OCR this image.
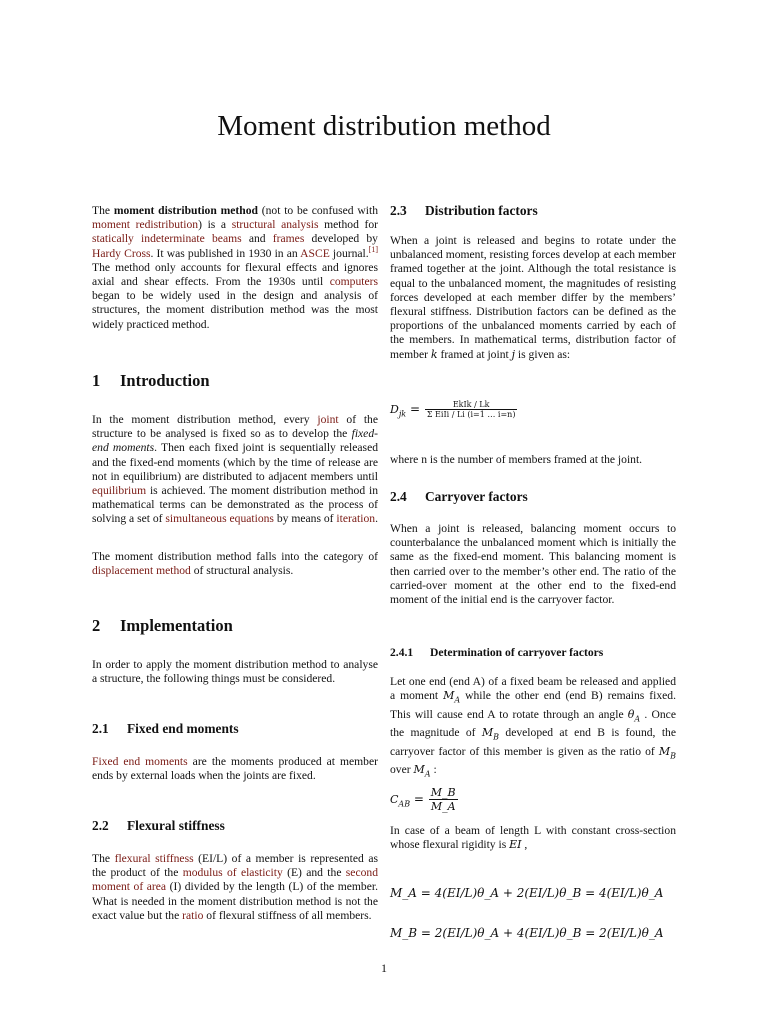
Moment distribution method

The moment distribution method (not to be confused with moment redistribution) is a structural analysis method for statically indeterminate beams and frames developed by Hardy Cross. It was published in 1930 in an ASCE journal.[1] The method only accounts for flexural effects and ignores axial and shear effects. From the 1930s until computers began to be widely used in the design and analysis of structures, the moment distribution method was the most widely practiced method.

1 Introduction

In the moment distribution method, every joint of the structure to be analysed is fixed so as to develop the fixed-end moments. Then each fixed joint is sequentially released and the fixed-end moments (which by the time of release are not in equilibrium) are distributed to adjacent members until equilibrium is achieved. The moment distribution method in mathematical terms can be demonstrated as the process of solving a set of simultaneous equations by means of iteration.

The moment distribution method falls into the category of displacement method of structural analysis.

2 Implementation

In order to apply the moment distribution method to analyse a structure, the following things must be considered.

2.1 Fixed end moments

Fixed end moments are the moments produced at member ends by external loads when the joints are fixed.

2.2 Flexural stiffness

The flexural stiffness (EI/L) of a member is represented as the product of the modulus of elasticity (E) and the second moment of area (I) divided by the length (L) of the member. What is needed in the moment distribution method is not the exact value but the ratio of flexural stiffness of all members.

2.3 Distribution factors

When a joint is released and begins to rotate under the unbalanced moment, resisting forces develop at each member framed together at the joint. Although the total resistance is equal to the unbalanced moment, the magnitudes of resisting forces developed at each member differ by the members’ flexural stiffness. Distribution factors can be defined as the proportions of the unbalanced moments carried by each of the members. In mathematical terms, distribution factor of member k framed at joint j is given as:

$D_{jk} = \frac{\text{EkIk / Lk}}{\text{Σ EiIi / Li (i=1 … i=n)}}$

where n is the number of members framed at the joint.

2.4 Carryover factors

When a joint is released, balancing moment occurs to counterbalance the unbalanced moment which is initially the same as the fixed-end moment. This balancing moment is then carried over to the member’s other end. The ratio of the carried-over moment at the other end to the fixed-end moment of the initial end is the carryover factor.

2.4.1 Determination of carryover factors

Let one end (end A) of a fixed beam be released and applied a moment $M_A$ while the other end (end B) remains fixed. This will cause end A to rotate through an angle $\theta_A$ . Once the magnitude of $M_B$ developed at end B is found, the carryover factor of this member is given as the ratio of $M_B$ over $M_A$ :

$C_{AB} = \frac{M\_B}{M\_A}$

In case of a beam of length L with constant cross-section whose flexural rigidity is EI ,

M_A = 4(EI/L)θ_A + 2(EI/L)θ_B = 4(EI/L)θ_A
M_B = 2(EI/L)θ_A + 4(EI/L)θ_B = 2(EI/L)θ_A
1
